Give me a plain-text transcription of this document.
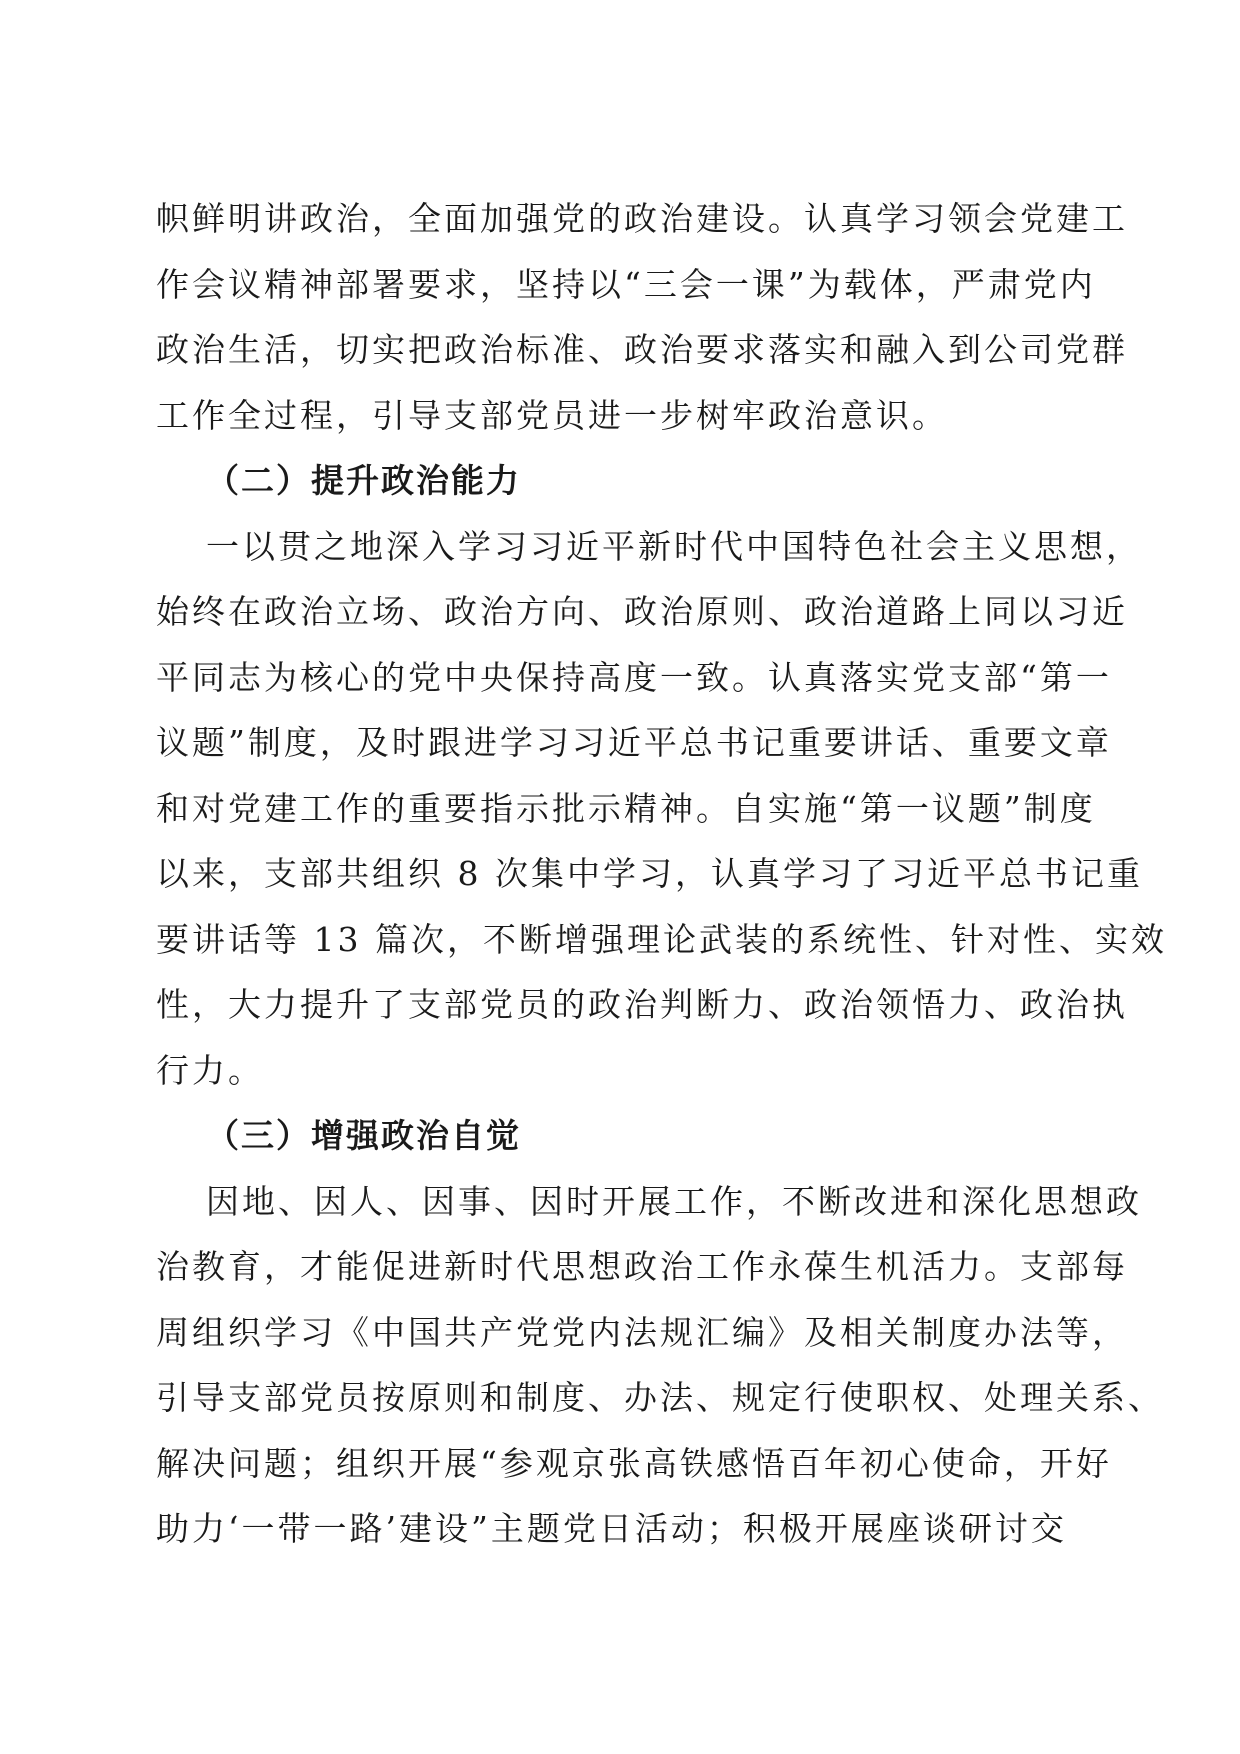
帜鲜明讲政治，全面加强党的政治建设。认真学习领会党建工
作会议精神部署要求，坚持以“三会一课”为载体，严肃党内
政治生活，切实把政治标准、政治要求落实和融入到公司党群
工作全过程，引导支部党员进一步树牢政治意识。
（二）提升政治能力
一以贯之地深入学习习近平新时代中国特色社会主义思想，
始终在政治立场、政治方向、政治原则、政治道路上同以习近
平同志为核心的党中央保持高度一致。认真落实党支部“第一
议题”制度，及时跟进学习习近平总书记重要讲话、重要文章
和对党建工作的重要指示批示精神。自实施“第一议题”制度
以来，支部共组织 8 次集中学习，认真学习了习近平总书记重
要讲话等 13 篇次，不断增强理论武装的系统性、针对性、实效
性，大力提升了支部党员的政治判断力、政治领悟力、政治执
行力。
（三）增强政治自觉
因地、因人、因事、因时开展工作，不断改进和深化思想政
治教育，才能促进新时代思想政治工作永葆生机活力。支部每
周组织学习《中国共产党党内法规汇编》及相关制度办法等，
引导支部党员按原则和制度、办法、规定行使职权、处理关系、
解决问题；组织开展“参观京张高铁感悟百年初心使命，开好
助力‘一带一路’建设”主题党日活动；积极开展座谈研讨交
